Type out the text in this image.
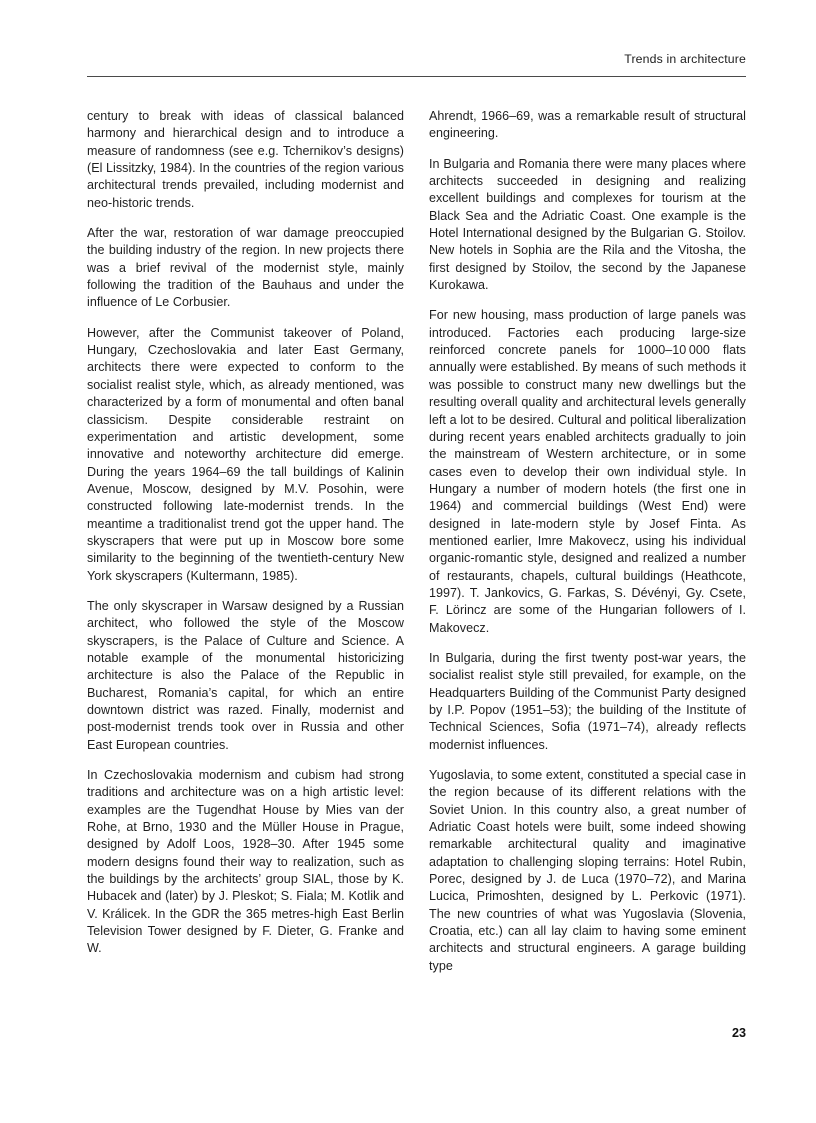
Trends in architecture

century to break with ideas of classical balanced harmony and hierarchical design and to introduce a measure of randomness (see e.g. Tchernikov’s designs) (El Lissitzky, 1984). In the countries of the region various architectural trends prevailed, including modernist and neo-historic trends.

After the war, restoration of war damage preoccupied the building industry of the region. In new projects there was a brief revival of the modernist style, mainly following the tradition of the Bauhaus and under the influence of Le Corbusier.

However, after the Communist takeover of Poland, Hungary, Czechoslovakia and later East Germany, architects there were expected to conform to the socialist realist style, which, as already mentioned, was characterized by a form of monumental and often banal classicism. Despite considerable restraint on experimentation and artistic development, some innovative and noteworthy architecture did emerge. During the years 1964–69 the tall buildings of Kalinin Avenue, Moscow, designed by M.V. Posohin, were constructed following late-modernist trends. In the meantime a traditionalist trend got the upper hand. The skyscrapers that were put up in Moscow bore some similarity to the beginning of the twentieth-century New York skyscrapers (Kultermann, 1985).

The only skyscraper in Warsaw designed by a Russian architect, who followed the style of the Moscow skyscrapers, is the Palace of Culture and Science. A notable example of the monumental historicizing architecture is also the Palace of the Republic in Bucharest, Romania’s capital, for which an entire downtown district was razed. Finally, modernist and post-modernist trends took over in Russia and other East European countries.

In Czechoslovakia modernism and cubism had strong traditions and architecture was on a high artistic level: examples are the Tugendhat House by Mies van der Rohe, at Brno, 1930 and the Müller House in Prague, designed by Adolf Loos, 1928–30. After 1945 some modern designs found their way to realization, such as the buildings by the architects’ group SIAL, those by K. Hubacek and (later) by J. Pleskot; S. Fiala; M. Kotlik and V. Králicek. In the GDR the 365 metres-high East Berlin Television Tower designed by F. Dieter, G. Franke and W.

Ahrendt, 1966–69, was a remarkable result of structural engineering.

In Bulgaria and Romania there were many places where architects succeeded in designing and realizing excellent buildings and complexes for tourism at the Black Sea and the Adriatic Coast. One example is the Hotel International designed by the Bulgarian G. Stoilov. New hotels in Sophia are the Rila and the Vitosha, the first designed by Stoilov, the second by the Japanese Kurokawa.

For new housing, mass production of large panels was introduced. Factories each producing large-size reinforced concrete panels for 1000–10 000 flats annually were established. By means of such methods it was possible to construct many new dwellings but the resulting overall quality and architectural levels generally left a lot to be desired. Cultural and political liberalization during recent years enabled architects gradually to join the mainstream of Western architecture, or in some cases even to develop their own individual style. In Hungary a number of modern hotels (the first one in 1964) and commercial buildings (West End) were designed in late-modern style by Josef Finta. As mentioned earlier, Imre Makovecz, using his individual organic-romantic style, designed and realized a number of restaurants, chapels, cultural buildings (Heathcote, 1997). T. Jankovics, G. Farkas, S. Dévényi, Gy. Csete, F. Lörincz are some of the Hungarian followers of I. Makovecz.

In Bulgaria, during the first twenty post-war years, the socialist realist style still prevailed, for example, on the Headquarters Building of the Communist Party designed by I.P. Popov (1951–53); the building of the Institute of Technical Sciences, Sofia (1971–74), already reflects modernist influences.

Yugoslavia, to some extent, constituted a special case in the region because of its different relations with the Soviet Union. In this country also, a great number of Adriatic Coast hotels were built, some indeed showing remarkable architectural quality and imaginative adaptation to challenging sloping terrains: Hotel Rubin, Porec, designed by J. de Luca (1970–72), and Marina Lucica, Primoshten, designed by L. Perkovic (1971). The new countries of what was Yugoslavia (Slovenia, Croatia, etc.) can all lay claim to having some eminent architects and structural engineers. A garage building type

23
